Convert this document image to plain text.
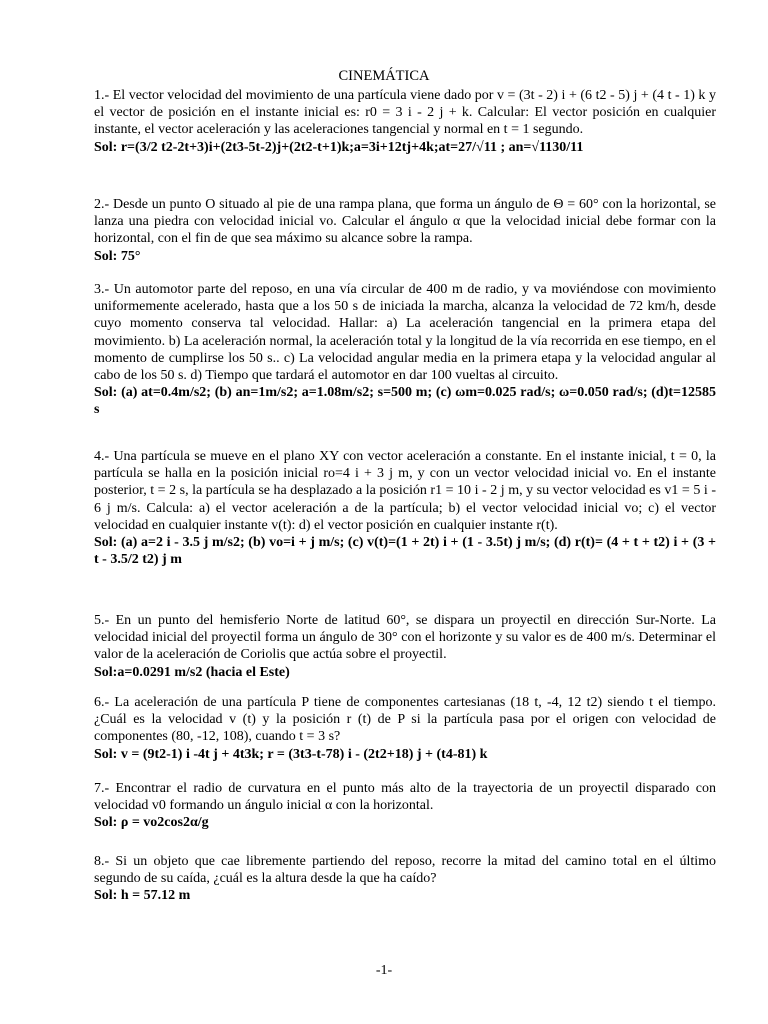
CINEMÁTICA

1.- El vector velocidad del movimiento de una partícula viene dado por v = (3t - 2) i + (6 t2 - 5) j + (4 t - 1) k y el vector de posición en el instante inicial es: r0 = 3 i - 2 j + k. Calcular: El vector posición en cualquier instante, el vector aceleración y las aceleraciones tangencial y normal en t = 1 segundo.

Sol: r=(3/2 t2-2t+3)i+(2t3-5t-2)j+(2t2-t+1)k;a=3i+12tj+4k;at=27/√11 ; an=√1130/11

2.- Desde un punto O situado al pie de una rampa plana, que forma un ángulo de Θ = 60° con la horizontal, se lanza una piedra con velocidad inicial vo. Calcular el ángulo α que la velocidad inicial debe formar con la horizontal, con el fin de que sea máximo su alcance sobre la rampa.

Sol: 75°

3.- Un automotor parte del reposo, en una vía circular de 400 m de radio, y va moviéndose con movimiento uniformemente acelerado, hasta que a los 50 s de iniciada la marcha, alcanza la velocidad de 72 km/h, desde cuyo momento conserva tal velocidad. Hallar: a) La aceleración tangencial en la primera etapa del movimiento. b) La aceleración normal, la aceleración total y la longitud de la vía recorrida en ese tiempo, en el momento de cumplirse los 50 s.. c) La velocidad angular media en la primera etapa y la velocidad angular al cabo de los 50 s. d) Tiempo que tardará el automotor en dar 100 vueltas al circuito.

Sol: (a) at=0.4m/s2; (b) an=1m/s2; a=1.08m/s2; s=500 m; (c) ωm=0.025 rad/s; ω=0.050 rad/s; (d)t=12585 s

4.- Una partícula se mueve en el plano XY con vector aceleración a constante. En el instante inicial, t = 0, la partícula se halla en la posición inicial ro=4 i + 3 j m, y con un vector velocidad inicial vo. En el instante posterior, t = 2 s, la partícula se ha desplazado a la posición r1 = 10 i - 2 j m, y su vector velocidad es v1 = 5 i - 6 j m/s. Calcula: a) el vector aceleración a de la partícula; b) el vector velocidad inicial vo; c) el vector velocidad en cualquier instante v(t): d) el vector posición en cualquier instante r(t).

Sol: (a) a=2 i - 3.5 j m/s2; (b) vo=i + j m/s; (c) v(t)=(1 + 2t) i + (1 - 3.5t) j m/s; (d) r(t)= (4 + t + t2) i + (3 + t - 3.5/2 t2) j m

5.- En un punto del hemisferio Norte de latitud 60°, se dispara un proyectil en dirección Sur-Norte. La velocidad inicial del proyectil forma un ángulo de 30° con el horizonte y su valor es de 400 m/s. Determinar el valor de la aceleración de Coriolis que actúa sobre el proyectil.

Sol:a=0.0291 m/s2 (hacia el Este)

6.- La aceleración de una partícula P tiene de componentes cartesianas (18 t, -4, 12 t2) siendo t el tiempo. ¿Cuál es la velocidad v (t) y la posición r (t) de P si la partícula pasa por el origen con velocidad de componentes (80, -12, 108), cuando t = 3 s?

Sol: v = (9t2-1) i -4t j + 4t3k; r = (3t3-t-78) i - (2t2+18) j + (t4-81) k

7.- Encontrar el radio de curvatura en el punto más alto de la trayectoria de un proyectil disparado con velocidad v0 formando un ángulo inicial α con la horizontal.

Sol: ρ = vo2cos2α/g

8.- Si un objeto que cae libremente partiendo del reposo, recorre la mitad del camino total en el último segundo de su caída, ¿cuál es la altura desde la que ha caído?

Sol: h = 57.12 m

-1-
